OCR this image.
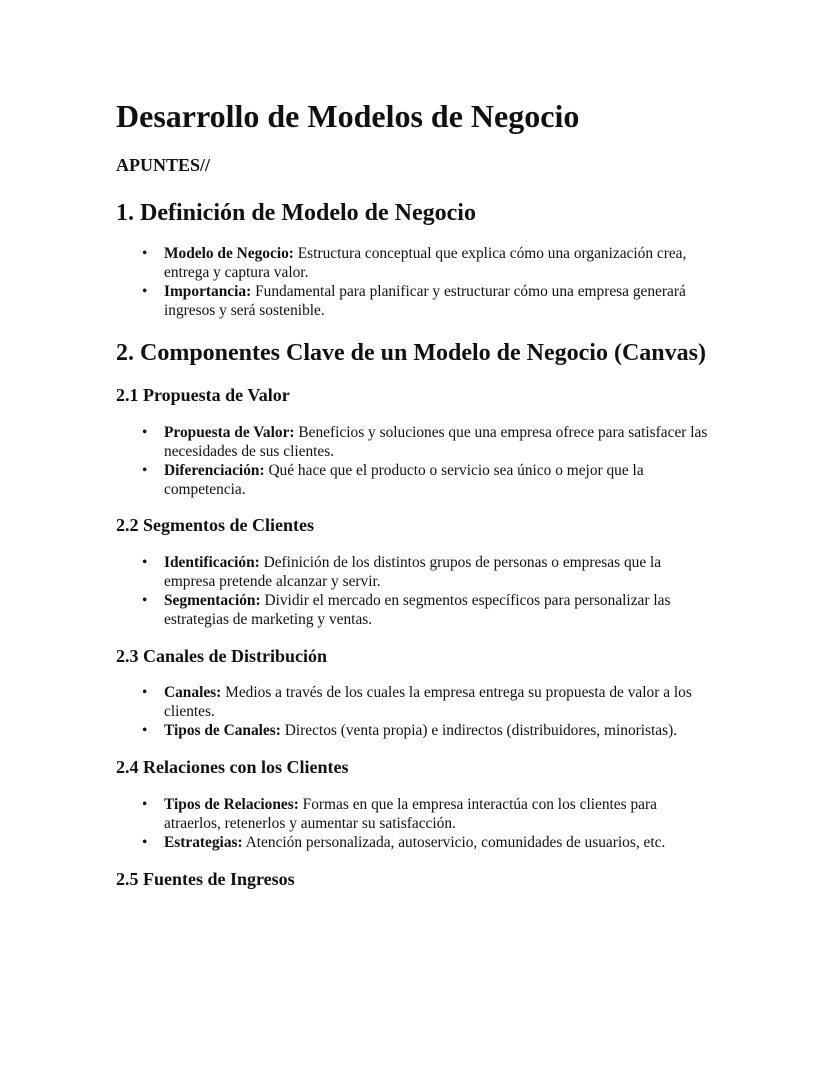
Desarrollo de Modelos de Negocio
APUNTES//
1. Definición de Modelo de Negocio
• Modelo de Negocio: Estructura conceptual que explica cómo una organización crea, entrega y captura valor.
• Importancia: Fundamental para planificar y estructurar cómo una empresa generará ingresos y será sostenible.
2. Componentes Clave de un Modelo de Negocio (Canvas)
2.1 Propuesta de Valor
• Propuesta de Valor: Beneficios y soluciones que una empresa ofrece para satisfacer las necesidades de sus clientes.
• Diferenciación: Qué hace que el producto o servicio sea único o mejor que la competencia.
2.2 Segmentos de Clientes
• Identificación: Definición de los distintos grupos de personas o empresas que la empresa pretende alcanzar y servir.
• Segmentación: Dividir el mercado en segmentos específicos para personalizar las estrategias de marketing y ventas.
2.3 Canales de Distribución
• Canales: Medios a través de los cuales la empresa entrega su propuesta de valor a los clientes.
• Tipos de Canales: Directos (venta propia) e indirectos (distribuidores, minoristas).
2.4 Relaciones con los Clientes
• Tipos de Relaciones: Formas en que la empresa interactúa con los clientes para atraerlos, retenerlos y aumentar su satisfacción.
• Estrategias: Atención personalizada, autoservicio, comunidades de usuarios, etc.
2.5 Fuentes de Ingresos
